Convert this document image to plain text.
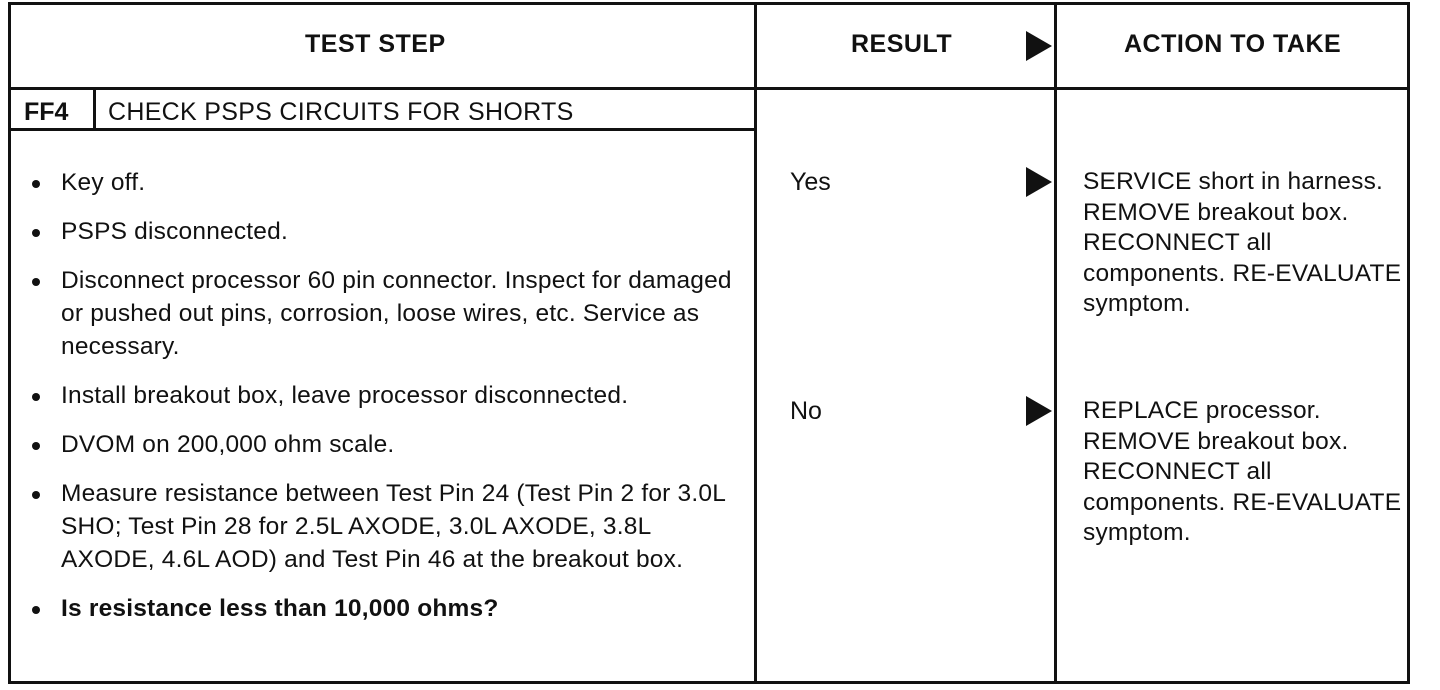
TEST STEP	RESULT	ACTION TO TAKE
FF4 CHECK PSPS CIRCUITS FOR SHORTS
Key off.
PSPS disconnected.
Disconnect processor 60 pin connector. Inspect for damaged or pushed out pins, corrosion, loose wires, etc. Service as necessary.
Install breakout box, leave processor disconnected.
DVOM on 200,000 ohm scale.
Measure resistance between Test Pin 24 (Test Pin 2 for 3.0L SHO; Test Pin 28 for 2.5L AXODE, 3.0L AXODE, 3.8L AXODE, 4.6L AOD) and Test Pin 46 at the breakout box.
Is resistance less than 10,000 ohms?
Yes	SERVICE short in harness. REMOVE breakout box. RECONNECT all components. RE-EVALUATE symptom.
No	REPLACE processor. REMOVE breakout box. RECONNECT all components. RE-EVALUATE symptom.
